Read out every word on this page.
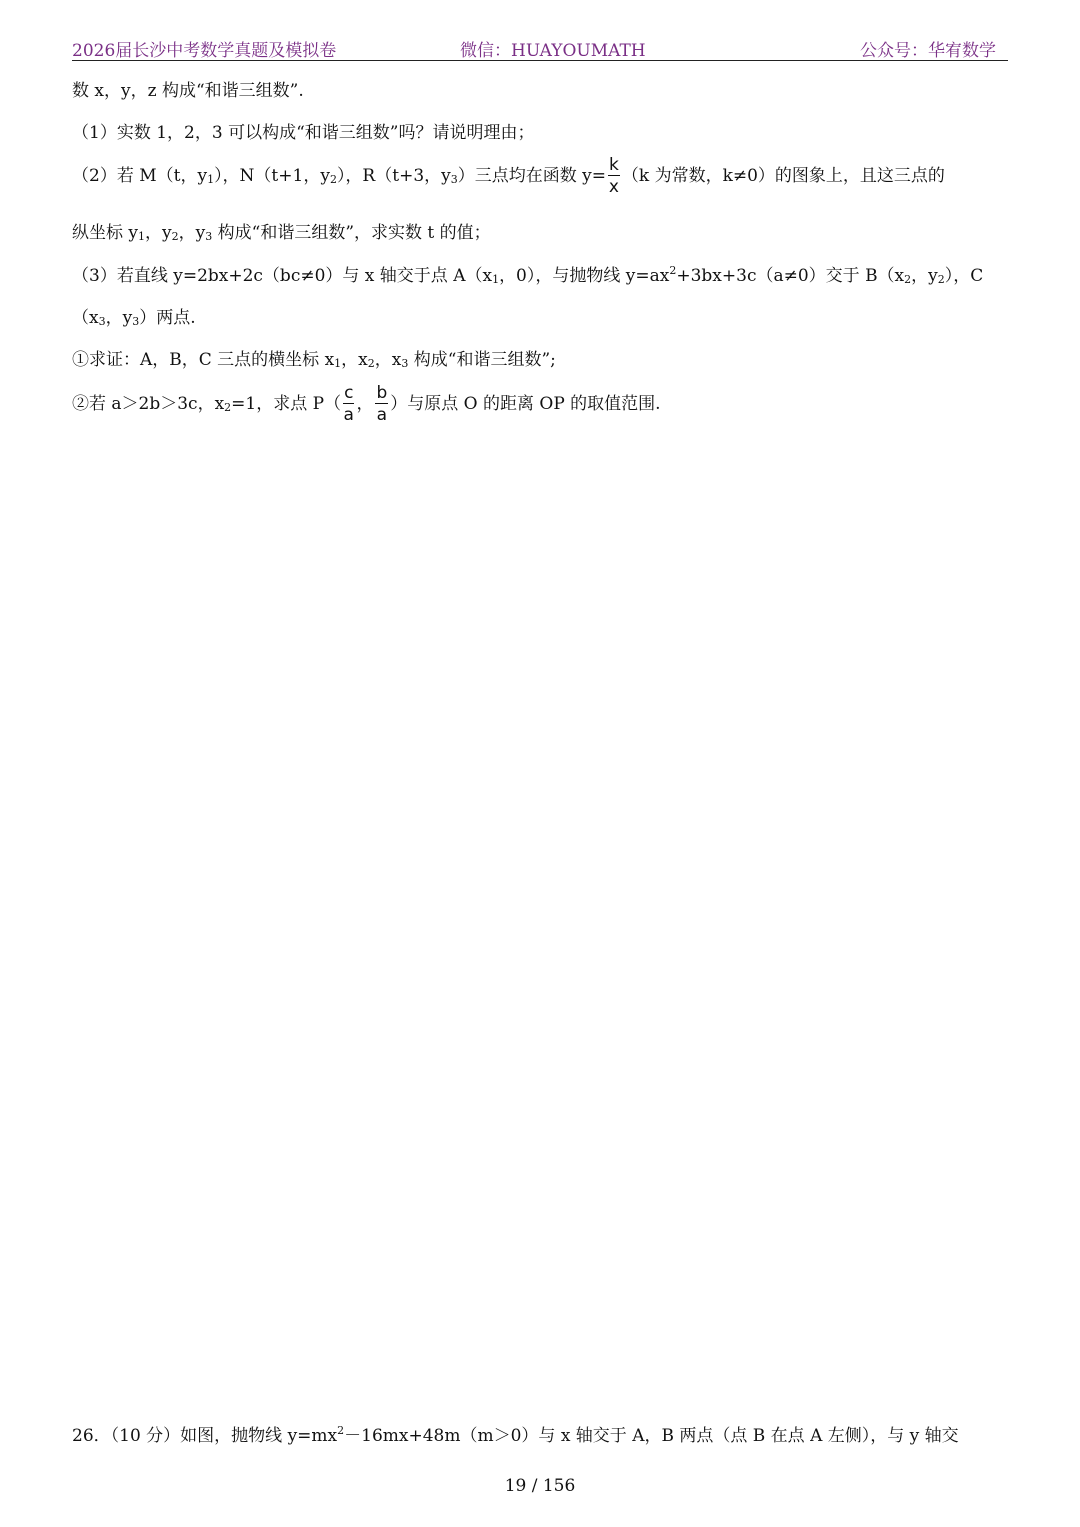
2026届长沙中考数学真题及模拟卷	微信：HUAYOUMATH	公众号：华宥数学
数 x，y，z 构成“和谐三组数”.
（1）实数 1，2，3 可以构成“和谐三组数”吗？请说明理由；
（2）若 M（t，$y_1$），N（t+1，$y_2$），R（t+3，$y_3$）三点均在函数 $y= \frac{k}{x} (k$ 为常数，k≠0）的图象上，且这三点的
纵坐标 $y_1$，$y_2$，$y_3$ 构成“和谐三组数”，求实数 t 的值；
（3）若直线 y=2bx+2c（bc≠0）与 x 轴交于点 $A(x_1$，0），与抛物线 $y=ax^2+3bx+3c(a\ne 0)$交于 $B(x_2$，$y_2$），C
（$x_3$，$y_3$）两点.
①求证：A，B，C 三点的横坐标 $x_1$，$x_2$，$x_3$ 构成“和谐三组数”;
②若 a＞2b＞3c，$x_2=1$，求点 $P( \frac{c}{a}$ ， $\frac{b}{a}$ ）与原点 O 的距离 OP 的取值范围.
26．（10 分）如图，抛物线 $y=mx^2-16mx+48m(m>0)$与 x 轴交于 A，B 两点（点 B 在点 A 左侧），与 y 轴交
19 / 156
